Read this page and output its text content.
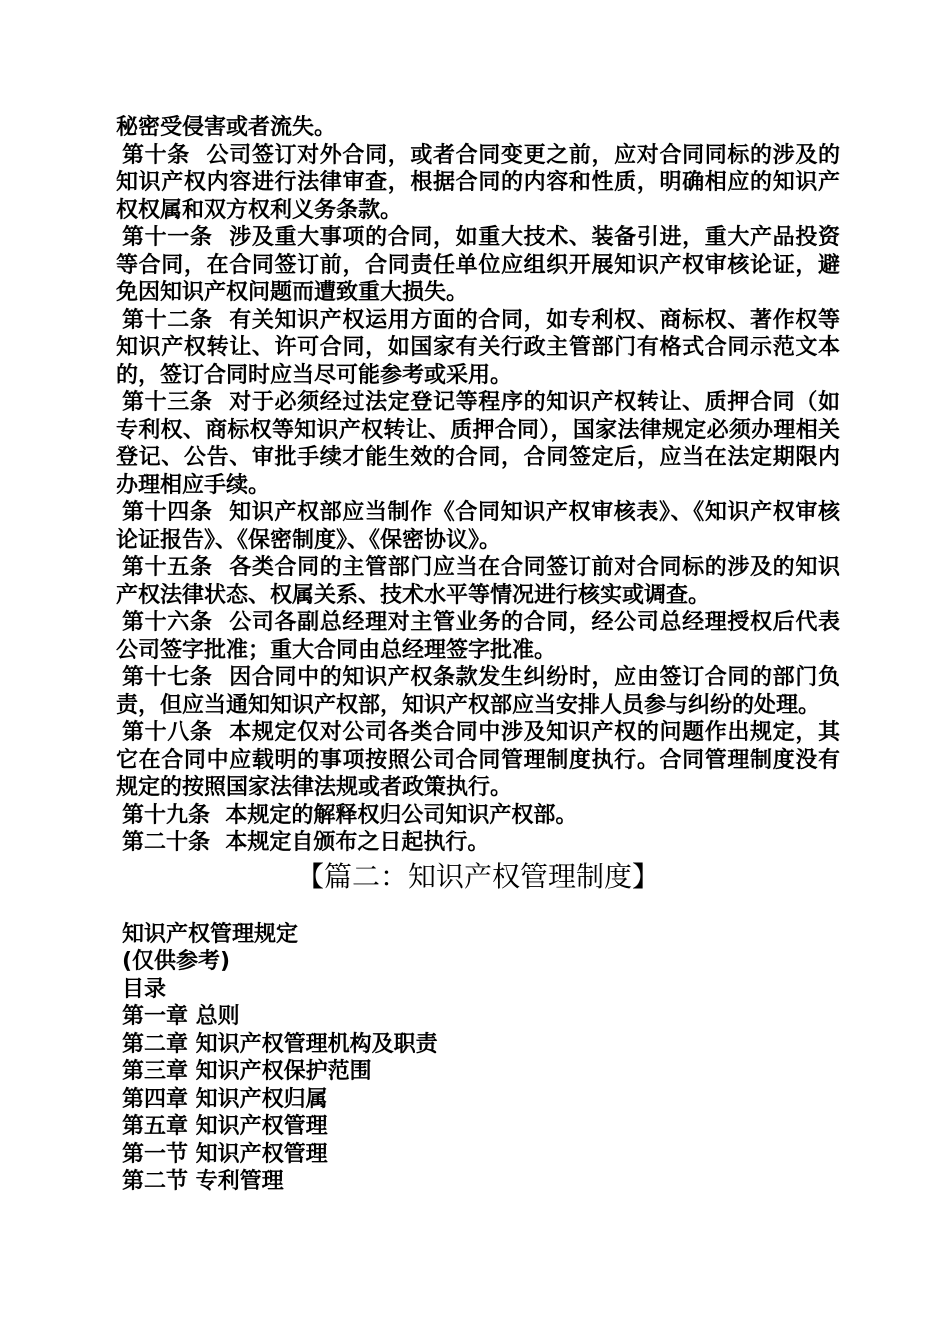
秘密受侵害或者流失。

第十条 公司签订对外合同，或者合同变更之前，应对合同同标的涉及的知识产权内容进行法律审查，根据合同的内容和性质，明确相应的知识产权权属和双方权利义务条款。

第十一条 涉及重大事项的合同，如重大技术、装备引进，重大产品投资等合同，在合同签订前，合同责任单位应组织开展知识产权审核论证，避免因知识产权问题而遭致重大损失。

第十二条 有关知识产权运用方面的合同，如专利权、商标权、著作权等知识产权转让、许可合同，如国家有关行政主管部门有格式合同示范文本的，签订合同时应当尽可能参考或采用。

第十三条 对于必须经过法定登记等程序的知识产权转让、质押合同（如专利权、商标权等知识产权转让、质押合同），国家法律规定必须办理相关登记、公告、审批手续才能生效的合同，合同签定后，应当在法定期限内办理相应手续。

第十四条 知识产权部应当制作《合同知识产权审核表》、《知识产权审核论证报告》、《保密制度》、《保密协议》。

第十五条 各类合同的主管部门应当在合同签订前对合同标的涉及的知识产权法律状态、权属关系、技术水平等情况进行核实或调查。

第十六条 公司各副总经理对主管业务的合同，经公司总经理授权后代表公司签字批准；重大合同由总经理签字批准。

第十七条 因合同中的知识产权条款发生纠纷时，应由签订合同的部门负责，但应当通知知识产权部，知识产权部应当安排人员参与纠纷的处理。

第十八条 本规定仅对公司各类合同中涉及知识产权的问题作出规定，其它在合同中应载明的事项按照公司合同管理制度执行。合同管理制度没有规定的按照国家法律法规或者政策执行。

第十九条 本规定的解释权归公司知识产权部。

第二十条 本规定自颁布之日起执行。

【篇二：知识产权管理制度】

知识产权管理规定

(仅供参考)

目录

第一章 总则

第二章 知识产权管理机构及职责

第三章 知识产权保护范围

第四章 知识产权归属

第五章 知识产权管理

第一节 知识产权管理

第二节 专利管理
